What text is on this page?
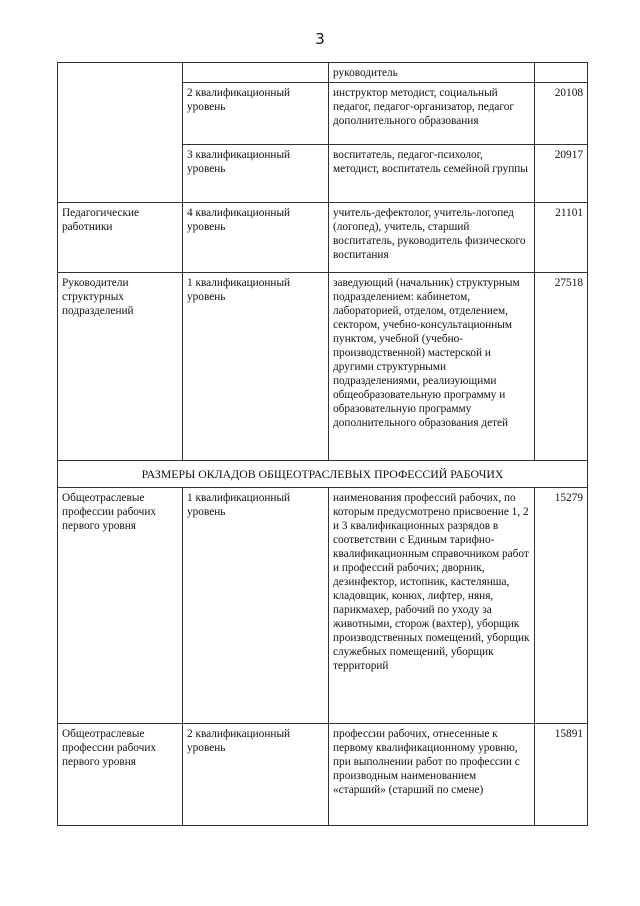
3
		руководитель	
	2 квалификационный уровень	инструктор методист, социальный педагог, педагог-организатор, педагог дополнительного образования	20108
	3 квалификационный уровень	воспитатель, педагог-психолог, методист, воспитатель семейной группы	20917
Педагогические работники	4 квалификационный уровень	учитель-дефектолог, учитель-логопед (логопед), учитель, старший воспитатель, руководитель физического воспитания	21101
Руководители структурных подразделений	1 квалификационный уровень	заведующий (начальник) структурным подразделением: кабинетом, лабораторией, отделом, отделением, сектором, учебно-консультационным пунктом, учебной (учебно-производственной) мастерской и другими структурными подразделениями, реализующими общеобразовательную программу и образовательную программу дополнительного образования детей	27518
РАЗМЕРЫ ОКЛАДОВ ОБЩЕОТРАСЛЕВЫХ ПРОФЕССИЙ РАБОЧИХ			
Общеотраслевые профессии рабочих первого уровня	1 квалификационный уровень	наименования профессий рабочих, по которым предусмотрено присвоение 1, 2 и 3 квалификационных разрядов в соответствии с Единым тарифно-квалификационным справочником работ и профессий рабочих; дворник, дезинфектор, истопник, кастелянша, кладовщик, конюх, лифтер, няня, парикмахер, рабочий по уходу за животными, сторож (вахтер), уборщик производственных помещений, уборщик служебных помещений, уборщик территорий	15279
Общеотраслевые профессии рабочих первого уровня	2 квалификационный уровень	профессии рабочих, отнесенные к первому квалификационному уровню, при выполнении работ по профессии с производным наименованием «старший» (старший по смене)	15891
